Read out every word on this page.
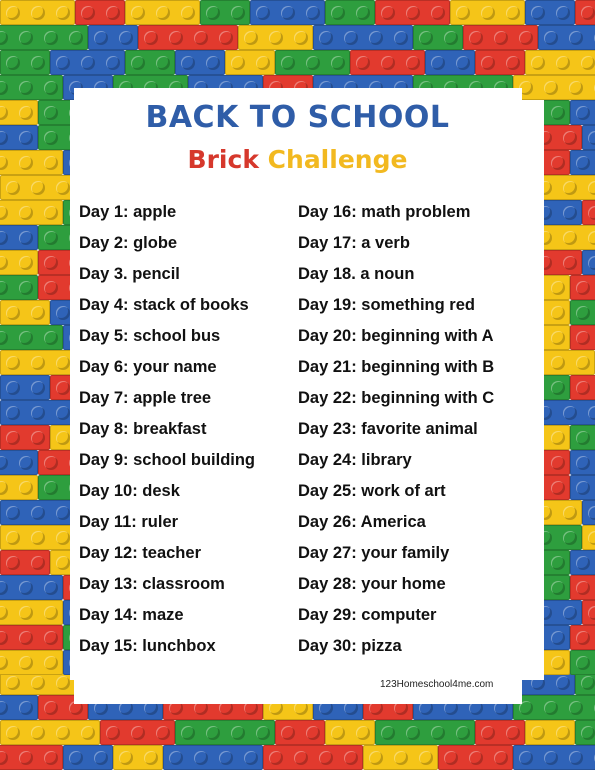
BACK TO SCHOOL
Brick Challenge
Day 1: apple
Day 2: globe
Day 3. pencil
Day 4: stack of books
Day 5: school bus
Day 6: your name
Day 7: apple tree
Day 8: breakfast
Day 9: school building
Day 10: desk
Day 11: ruler
Day 12: teacher
Day 13: classroom
Day 14: maze
Day 15: lunchbox
Day 16: math problem
Day 17: a verb
Day 18. a noun
Day 19: something red
Day 20: beginning with A
Day 21: beginning with B
Day 22: beginning with C
Day 23: favorite animal
Day 24: library
Day 25: work of art
Day 26: America
Day 27: your family
Day 28: your home
Day 29: computer
Day 30: pizza
123Homeschool4me.com
